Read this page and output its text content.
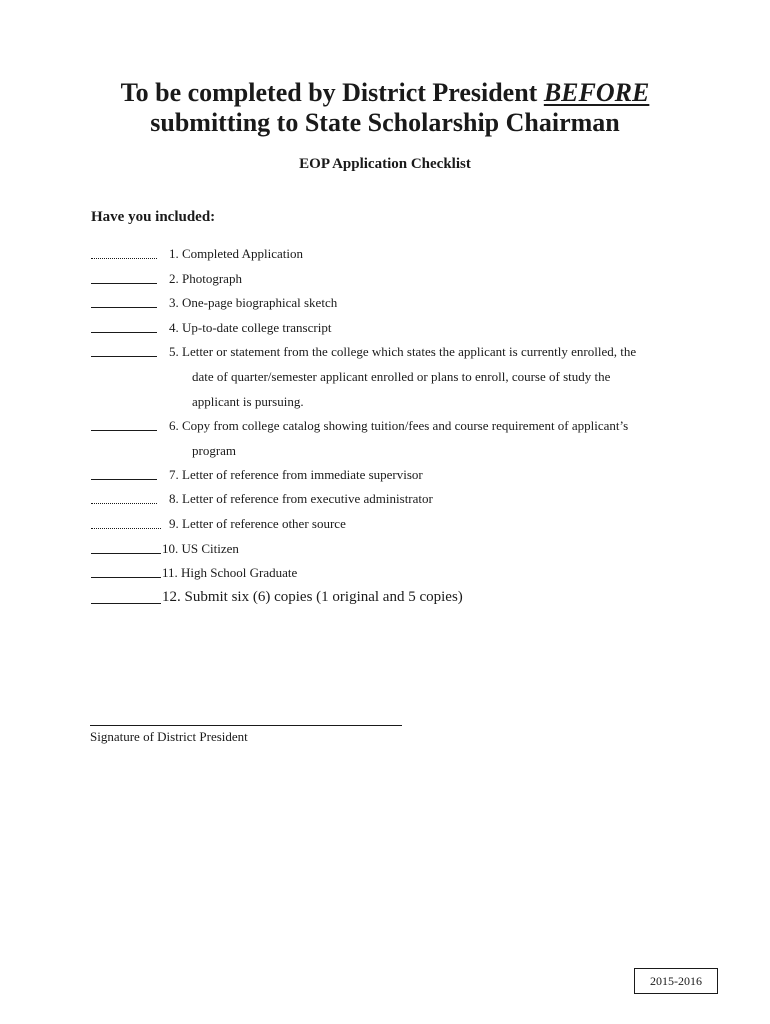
To be completed by District President BEFORE
submitting to State Scholarship Chairman
EOP Application Checklist
Have you included:
1. Completed Application
2. Photograph
3. One-page biographical sketch
4. Up-to-date college transcript
5. Letter or statement from the college which states the applicant is currently enrolled, the
date of quarter/semester applicant enrolled or plans to enroll, course of study the
applicant is pursuing.
6. Copy from college catalog showing tuition/fees and course requirement of applicant’s
program
7. Letter of reference from immediate supervisor
8. Letter of reference from executive administrator
9. Letter of reference other source
10. US Citizen
11. High School Graduate
12. Submit six (6) copies (1 original and 5 copies)
Signature of District President
2015-2016
